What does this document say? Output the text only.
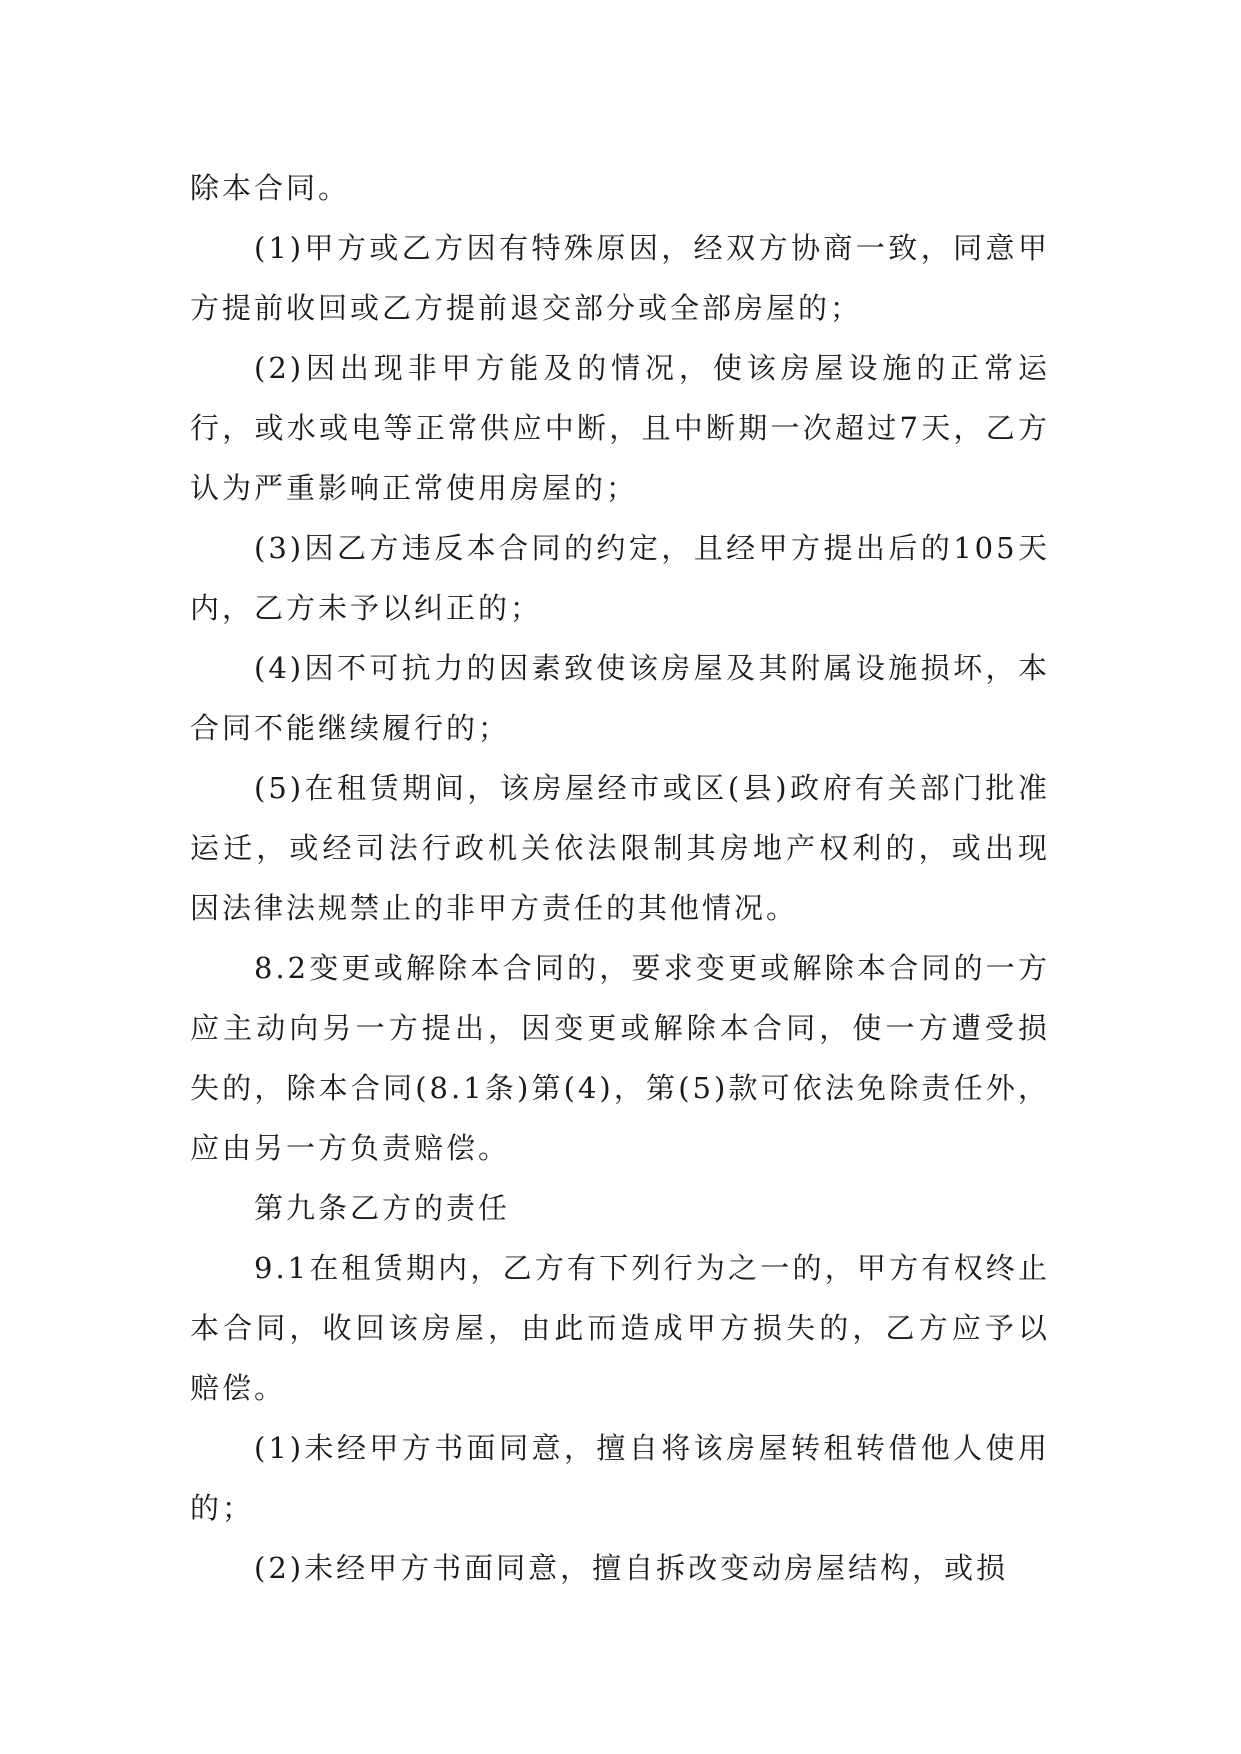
除本合同。

(1)甲方或乙方因有特殊原因，经双方协商一致，同意甲方提前收回或乙方提前退交部分或全部房屋的；

(2)因出现非甲方能及的情况，使该房屋设施的正常运行，或水或电等正常供应中断，且中断期一次超过7天，乙方认为严重影响正常使用房屋的；

(3)因乙方违反本合同的约定，且经甲方提出后的105天内，乙方未予以纠正的；

(4)因不可抗力的因素致使该房屋及其附属设施损坏，本合同不能继续履行的；

(5)在租赁期间，该房屋经市或区(县)政府有关部门批准运迁，或经司法行政机关依法限制其房地产权利的，或出现因法律法规禁止的非甲方责任的其他情况。

8.2变更或解除本合同的，要求变更或解除本合同的一方应主动向另一方提出，因变更或解除本合同，使一方遭受损失的，除本合同(8.1条)第(4)，第(5)款可依法免除责任外，应由另一方负责赔偿。

第九条乙方的责任

9.1在租赁期内，乙方有下列行为之一的，甲方有权终止本合同，收回该房屋，由此而造成甲方损失的，乙方应予以赔偿。

(1)未经甲方书面同意，擅自将该房屋转租转借他人使用的；

(2)未经甲方书面同意，擅自拆改变动房屋结构，或损
